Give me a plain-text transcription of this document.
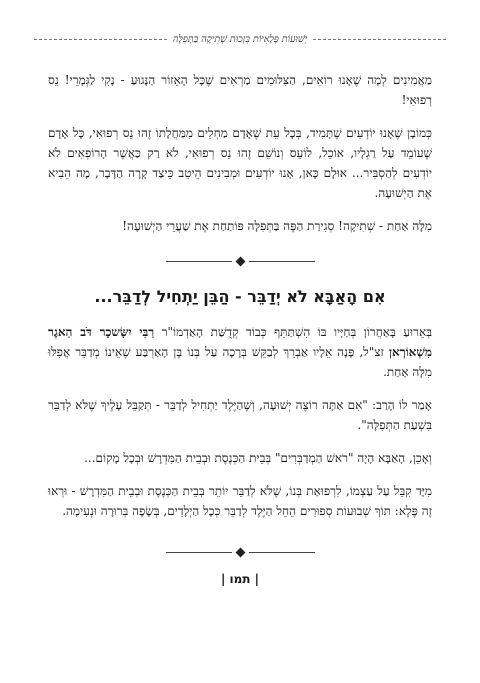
יְשׁוּעוֹת פְּלָאִיּוֹת בִּזְכוּת שְׁתִיקָה בַּתְּפִלָּה

מַאֲמִינִים לְמָה שֶׁאָנוּ רוֹאִים, הַצִּלּוּמִים מַרְאִים שֶׁכָּל הָאֵזוֹר הַנָּגוּעַ - נָקִי לַגְּמָרֵי! נֵס רְפוּאִי!

כְּמוֹבָן שֶׁאָנוּ יוֹדְעִים שֶׁתָּמִיד, בְּכָל עֵת שֶׁאָדָם מַחְלִים מִמַּחֲלָתוֹ זֶהוּ נֵס רְפוּאִי, כָּל אָדָם שֶׁעוֹמֵד עַל רַגְלָיו, אוֹכֵל, לוֹעֵס וְנוֹשֵׁם זֶהוּ נֵס רְפוּאִי, לֹא רַק כַּאֲשֶׁר הָרוֹפְאִים לֹא יוֹדְעִים לְהַסְבִּיר... אוּלָם כָּאן, אָנוּ יוֹדְעִים וּמְבִינִים הֵיטֵב כֵּיצַד קָרָה הַדָּבָר, מָה הֵבִיא אֶת הַיְשׁוּעָה.

מִלָּה אַחַת - שְׁתִיקָה! סְגִירַת הַפֶּה בַּתְּפִלָּה פּוֹתַחַת אֶת שַׁעֲרֵי הַיְשׁוּעָה!

אִם הָאַבָּא לֹא יְדַבֵּר - הַבֵּן יַתְחִיל לְדַבֵּר...

בְּאֵרוּעַ בָּאַחֲרוֹן בְּחַיָּיו בּוֹ הִשְׁתַּתֵּף כְּבוֹד קְדֻשַּׁת הָאַדְמוֹ"ר רַבִּי יִשָּׂשכָר דֹּב הַאגֶר מִשְׁאוֹרְאן זצ"ל, פָּנָה אֵלָיו אַבְרֵךְ לְבַקֵּשׁ בְּרָכָה עַל בְּנוֹ בֶּן הָאַרְבַּע שֶׁאֵינוֹ מְדַבֵּר אֲפִלּוּ מִלָּה אַחַת.

אָמַר לוֹ הָרַב: "אִם אַתָּה רוֹצֶה יְשׁוּעָה, וְשֶׁהַיֶּלֶד יַתְחִיל לְדַבֵּר - תְּקַבֵּל עָלֶיךָ שֶׁלֹּא לְדַבֵּר בִּשְׁעַת הַתְּפִלָּה".

וְאָכֵן, הָאַבָּא הָיָה "רֹאשׁ הַמְדַבְּרִים" בְּבֵית הַכְּנֶסֶת וּבְבֵית הַמִּדְרָשׁ וּבְכָל מָקוֹם...

מִיָּד קִבֵּל עַל עַצְמוֹ, לִרְפוּאַת בְּנוֹ, שֶׁלֹּא לְדַבֵּר יוֹתֵר בְּבֵית הַכְּנֶסֶת וּבְבֵית הַמִּדְרָשׁ - וּרְאוּ זֶה פֶּלֶא: תּוֹךְ שְׁבוּעוֹת סְפוּרִים הֵחֵל הַיֶּלֶד לְדַבֵּר כְּכָל הַיְלָדִים, בְּשָׂפָה בְּרוּרָה וּנְעִימָה.

| תמו |
